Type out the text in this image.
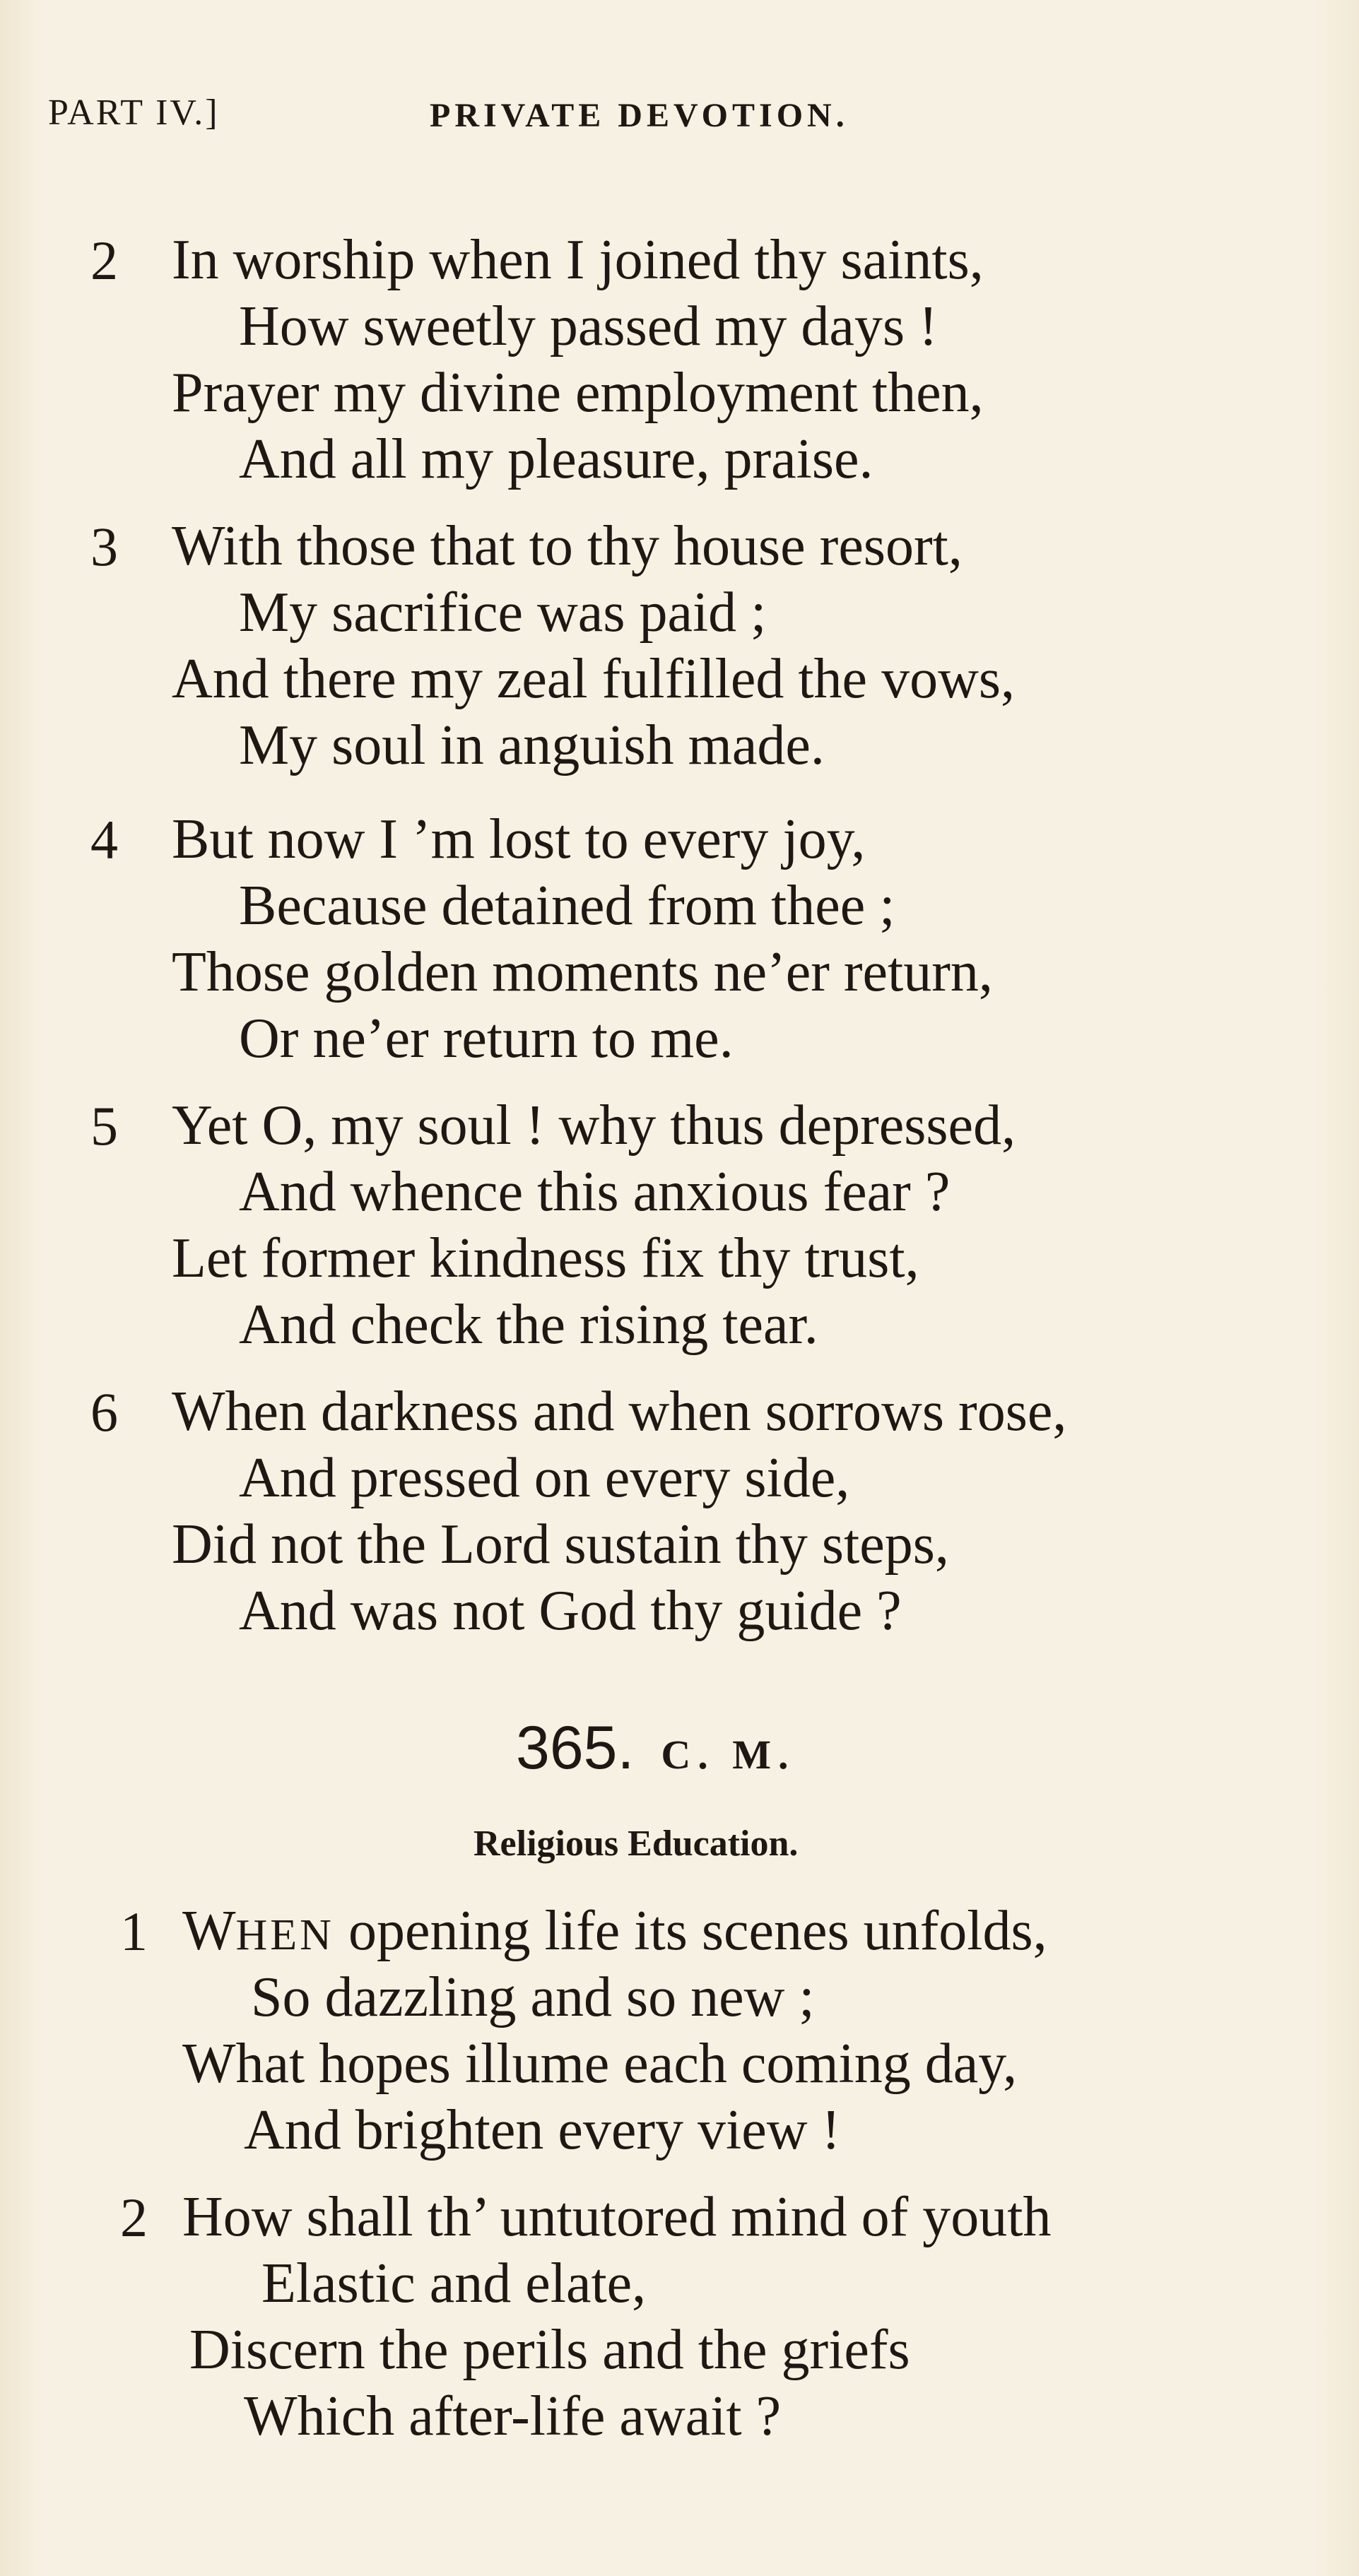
PART IV.]	PRIVATE DEVOTION.
2 In worship when I joined thy saints,
How sweetly passed my days !
Prayer my divine employment then,
And all my pleasure, praise.
3 With those that to thy house resort,
My sacrifice was paid ;
And there my zeal fulfilled the vows,
My soul in anguish made.
4 But now I ’m lost to every joy,
Because detained from thee ;
Those golden moments ne’er return,
Or ne’er return to me.
5 Yet O, my soul ! why thus depressed,
And whence this anxious fear ?
Let former kindness fix thy trust,
And check the rising tear.
6 When darkness and when sorrows rose,
And pressed on every side,
Did not the Lord sustain thy steps,
And was not God thy guide ?
365. C. M.
Religious Education.
1 WHEN opening life its scenes unfolds,
So dazzling and so new ;
What hopes illume each coming day,
And brighten every view !
2 How shall th’ untutored mind of youth
Elastic and elate,
Discern the perils and the griefs
Which after-life await ?
